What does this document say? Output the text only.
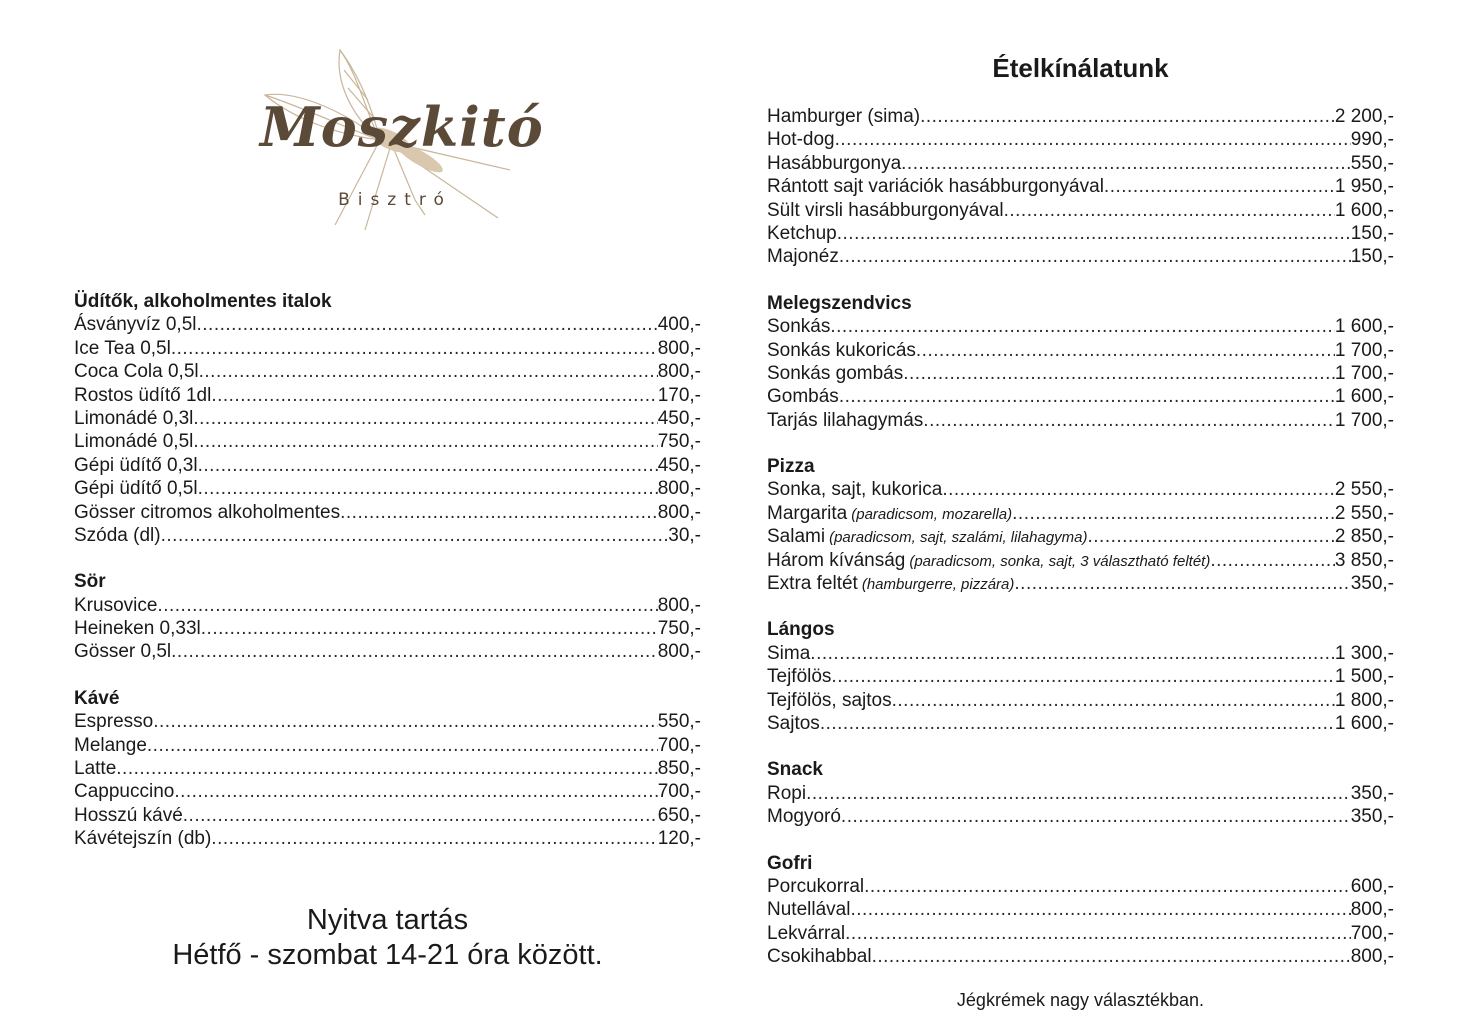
Moszkitó
Bisztró
Ételkínálatunk
Üdítők, alkoholmentes italok
Ásványvíz 0,5l .....	400,-
Ice Tea 0,5l .....	800,-
Coca Cola 0,5l .....	800,-
Rostos üdítő 1dl .....	170,-
Limonádé 0,3l .....	450,-
Limonádé 0,5l .....	750,-
Gépi üdítő 0,3l .....	450,-
Gépi üdítő 0,5l .....	800,-
Gösser citromos alkoholmentes .....	800,-
Szóda (dl) .....	30,-
Sör
Krusovice .....	800,-
Heineken 0,33l .....	750,-
Gösser 0,5l .....	800,-
Kávé
Espresso .....	550,-
Melange .....	700,-
Latte .....	850,-
Cappuccino .....	700,-
Hosszú kávé .....	650,-
Kávétejszín (db) .....	120,-
Hamburger (sima) .....	2 200,-
Hot-dog .....	990,-
Hasábburgonya .....	550,-
Rántott sajt variációk hasábburgonyával .....	1 950,-
Sült virsli hasábburgonyával .....	1 600,-
Ketchup .....	150,-
Majonéz .....	150,-
Melegszendvics
Sonkás .....	1 600,-
Sonkás kukoricás .....	1 700,-
Sonkás gombás .....	1 700,-
Gombás .....	1 600,-
Tarjás lilahagymás .....	1 700,-
Pizza
Sonka, sajt, kukorica .....	2 550,-
Margarita (paradicsom, mozarella) .....	2 550,-
Salami (paradicsom, sajt, szalámi, lilahagyma) .....	2 850,-
Három kívánság (paradicsom, sonka, sajt, 3 választható feltét) .....	3 850,-
Extra feltét (hamburgerre, pizzára) .....	350,-
Lángos
Sima .....	1 300,-
Tejfölös .....	1 500,-
Tejfölös, sajtos .....	1 800,-
Sajtos .....	1 600,-
Snack
Ropi .....	350,-
Mogyoró .....	350,-
Gofri
Porcukorral .....	600,-
Nutellával .....	800,-
Lekvárral .....	700,-
Csokihabbal .....	800,-
Nyitva tartás
Hétfő - szombat 14-21 óra között.
Jégkrémek nagy választékban.
